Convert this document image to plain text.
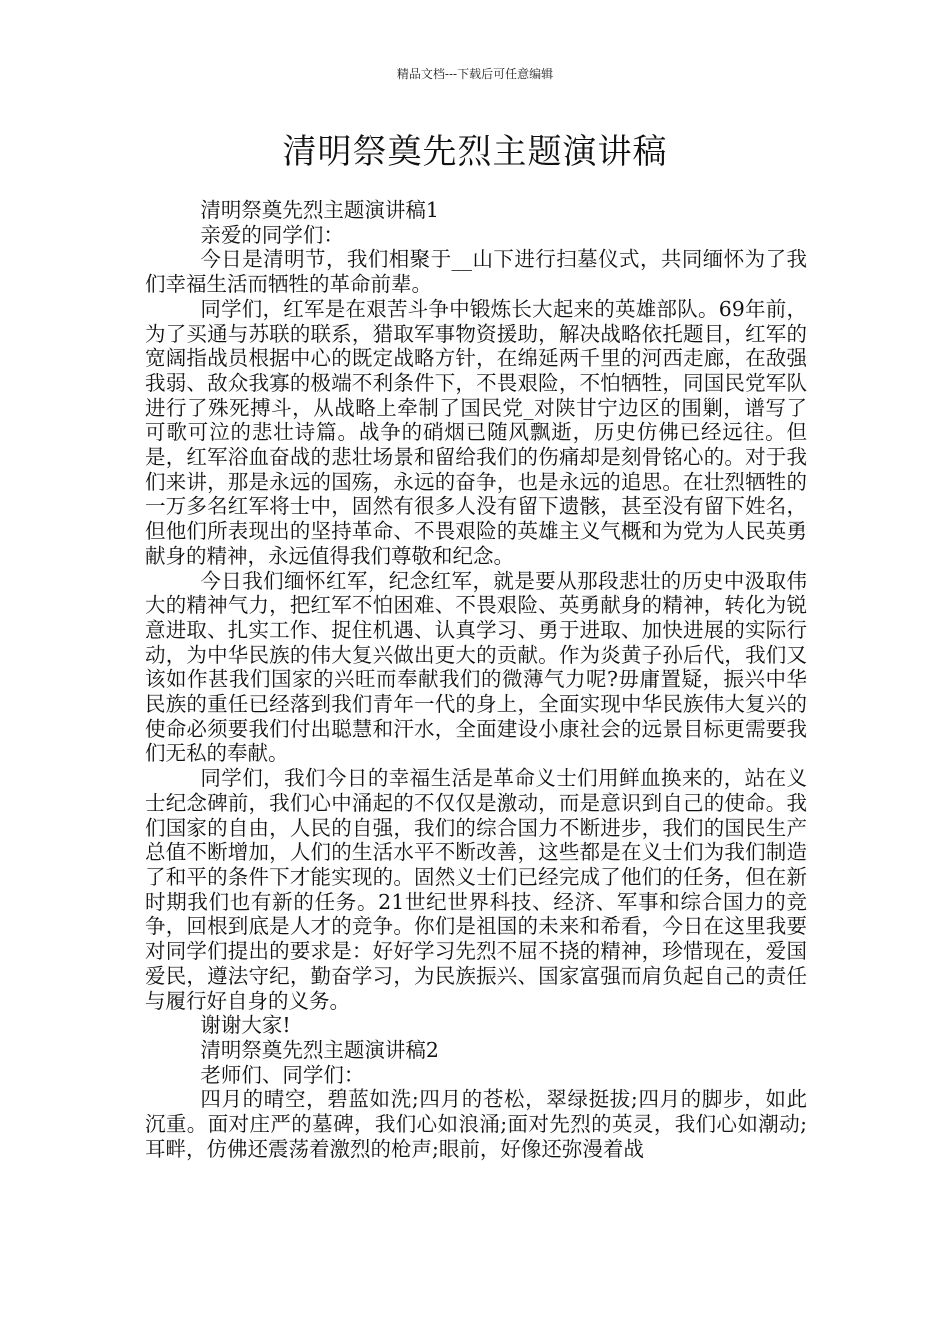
精品文档---下载后可任意编辑
清明祭奠先烈主题演讲稿

清明祭奠先烈主题演讲稿1

亲爱的同学们：

今日是清明节，我们相聚于__山下进行扫墓仪式，共同缅怀为了我们幸福生活而牺牲的革命前辈。

同学们，红军是在艰苦斗争中锻炼长大起来的英雄部队。69年前，为了买通与苏联的联系，猎取军事物资援助，解决战略依托题目，红军的宽阔指战员根据中心的既定战略方针，在绵延两千里的河西走廊，在敌强我弱、敌众我寡的极端不利条件下，不畏艰险，不怕牺牲，同国民党军队进行了殊死搏斗，从战略上牵制了国民党_对陕甘宁边区的围剿，谱写了可歌可泣的悲壮诗篇。战争的硝烟已随风飘逝，历史仿佛已经远往。但是，红军浴血奋战的悲壮场景和留给我们的伤痛却是刻骨铭心的。对于我们来讲，那是永远的国殇，永远的奋争，也是永远的追思。在壮烈牺牲的一万多名红军将士中，固然有很多人没有留下遗骸，甚至没有留下姓名，但他们所表现出的坚持革命、不畏艰险的英雄主义气概和为党为人民英勇献身的精神，永远值得我们尊敬和纪念。

今日我们缅怀红军，纪念红军，就是要从那段悲壮的历史中汲取伟大的精神气力，把红军不怕困难、不畏艰险、英勇献身的精神，转化为锐意进取、扎实工作、捉住机遇、认真学习、勇于进取、加快进展的实际行动，为中华民族的伟大复兴做出更大的贡献。作为炎黄子孙后代，我们又该如作甚我们国家的兴旺而奉献我们的微薄气力呢?毋庸置疑，振兴中华民族的重任已经落到我们青年一代的身上，全面实现中华民族伟大复兴的使命必须要我们付出聪慧和汗水，全面建设小康社会的远景目标更需要我们无私的奉献。

同学们，我们今日的幸福生活是革命义士们用鲜血换来的，站在义士纪念碑前，我们心中涌起的不仅仅是激动，而是意识到自己的使命。我们国家的自由，人民的自强，我们的综合国力不断进步，我们的国民生产总值不断增加，人们的生活水平不断改善，这些都是在义士们为我们制造了和平的条件下才能实现的。固然义士们已经完成了他们的任务，但在新时期我们也有新的任务。21世纪世界科技、经济、军事和综合国力的竞争，回根到底是人才的竞争。你们是祖国的未来和希看，今日在这里我要对同学们提出的要求是：好好学习先烈不屈不挠的精神，珍惜现在，爱国爱民，遵法守纪，勤奋学习，为民族振兴、国家富强而肩负起自己的责任与履行好自身的义务。

谢谢大家!

清明祭奠先烈主题演讲稿2

老师们、同学们：

四月的晴空，碧蓝如洗;四月的苍松，翠绿挺拔;四月的脚步，如此沉重。面对庄严的墓碑，我们心如浪涌;面对先烈的英灵，我们心如潮动;耳畔，仿佛还震荡着激烈的枪声;眼前，好像还弥漫着战
